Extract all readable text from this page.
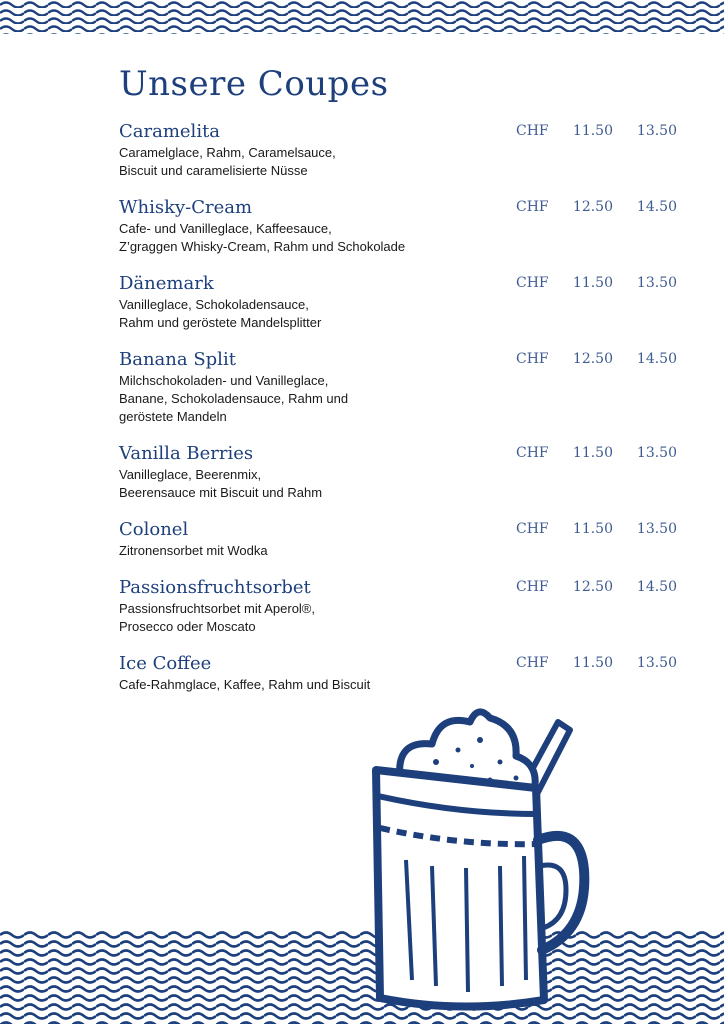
Unsere Coupes
Caramelita	CHF 11.50 13.50
Caramelglace, Rahm, Caramelsauce,
Biscuit und caramelisierte Nüsse
Whisky-Cream	CHF 12.50 14.50
Cafe- und Vanilleglace, Kaffeesauce,
Z’graggen Whisky-Cream, Rahm und Schokolade
Dänemark	CHF 11.50 13.50
Vanilleglace, Schokoladensauce,
Rahm und geröstete Mandelsplitter
Banana Split	CHF 12.50 14.50
Milchschokoladen- und Vanilleglace,
Banane, Schokoladensauce, Rahm und
geröstete Mandeln
Vanilla Berries	CHF 11.50 13.50
Vanilleglace, Beerenmix,
Beerensauce mit Biscuit und Rahm
Colonel	CHF 11.50 13.50
Zitronensorbet mit Wodka
Passionsfruchtsorbet	CHF 12.50 14.50
Passionsfruchtsorbet mit Aperol®,
Prosecco oder Moscato
Ice Coffee	CHF 11.50 13.50
Cafe-Rahmglace, Kaffee, Rahm und Biscuit
